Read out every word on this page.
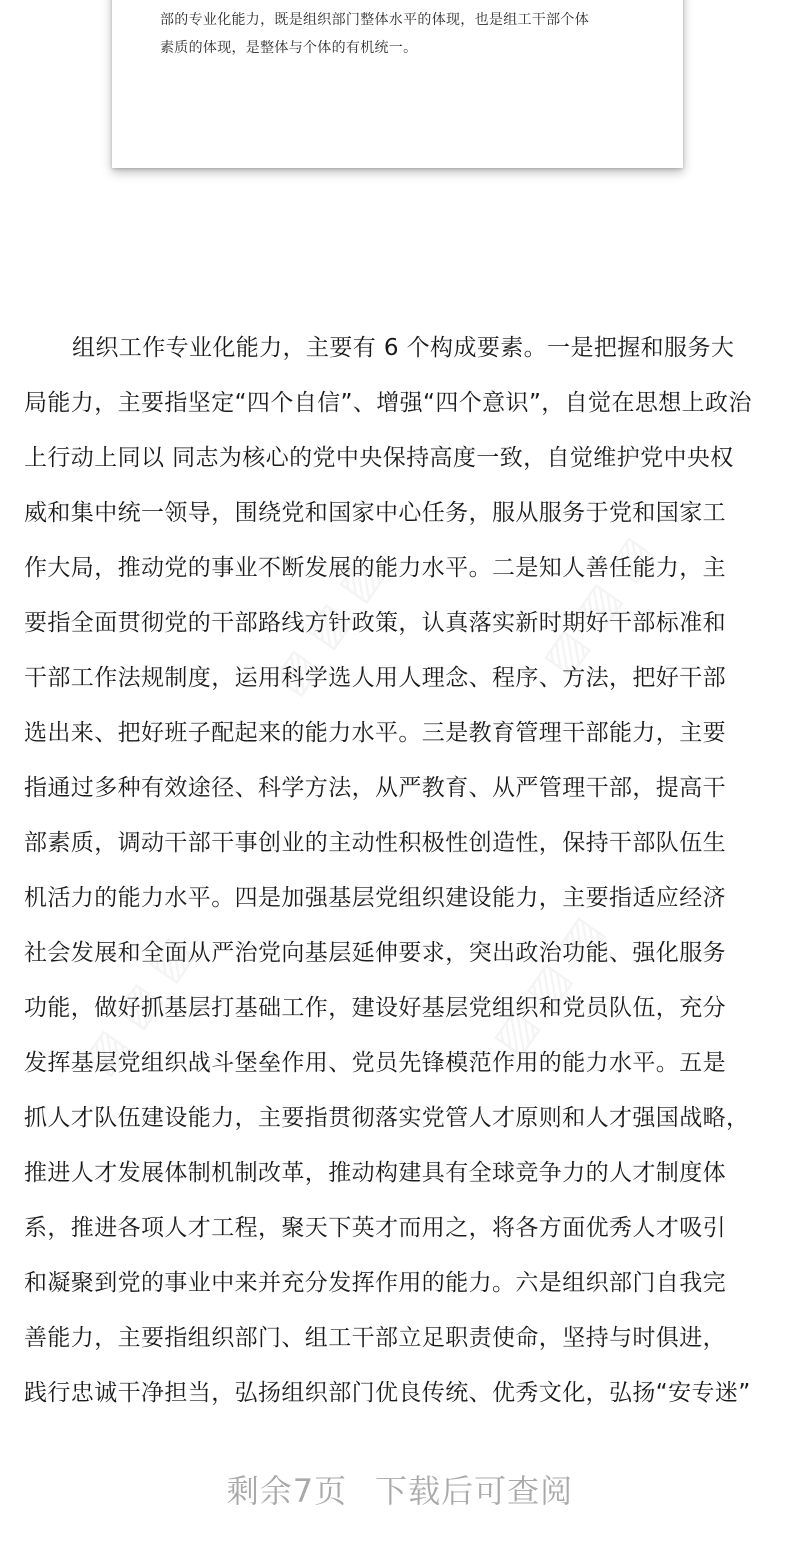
部的专业化能力，既是组织部门整体水平的体现，也是组工干部个体
素质的体现，是整体与个体的有机统一。
组织工作专业化能力，主要有 6 个构成要素。一是把握和服务大
局能力，主要指坚定“四个自信”、增强“四个意识”，自觉在思想上政治
上行动上同以 同志为核心的党中央保持高度一致，自觉维护党中央权
威和集中统一领导，围绕党和国家中心任务，服从服务于党和国家工
作大局，推动党的事业不断发展的能力水平。二是知人善任能力，主
要指全面贯彻党的干部路线方针政策，认真落实新时期好干部标准和
干部工作法规制度，运用科学选人用人理念、程序、方法，把好干部
选出来、把好班子配起来的能力水平。三是教育管理干部能力，主要
指通过多种有效途径、科学方法，从严教育、从严管理干部，提高干
部素质，调动干部干事创业的主动性积极性创造性，保持干部队伍生
机活力的能力水平。四是加强基层党组织建设能力，主要指适应经济
社会发展和全面从严治党向基层延伸要求，突出政治功能、强化服务
功能，做好抓基层打基础工作，建设好基层党组织和党员队伍，充分
发挥基层党组织战斗堡垒作用、党员先锋模范作用的能力水平。五是
抓人才队伍建设能力，主要指贯彻落实党管人才原则和人才强国战略，
推进人才发展体制机制改革，推动构建具有全球竞争力的人才制度体
系，推进各项人才工程，聚天下英才而用之，将各方面优秀人才吸引
和凝聚到党的事业中来并充分发挥作用的能力。六是组织部门自我完
善能力，主要指组织部门、组工干部立足职责使命，坚持与时俱进，
践行忠诚干净担当，弘扬组织部门优良传统、优秀文化，弘扬“安专迷”
剩余7页 下载后可查阅
